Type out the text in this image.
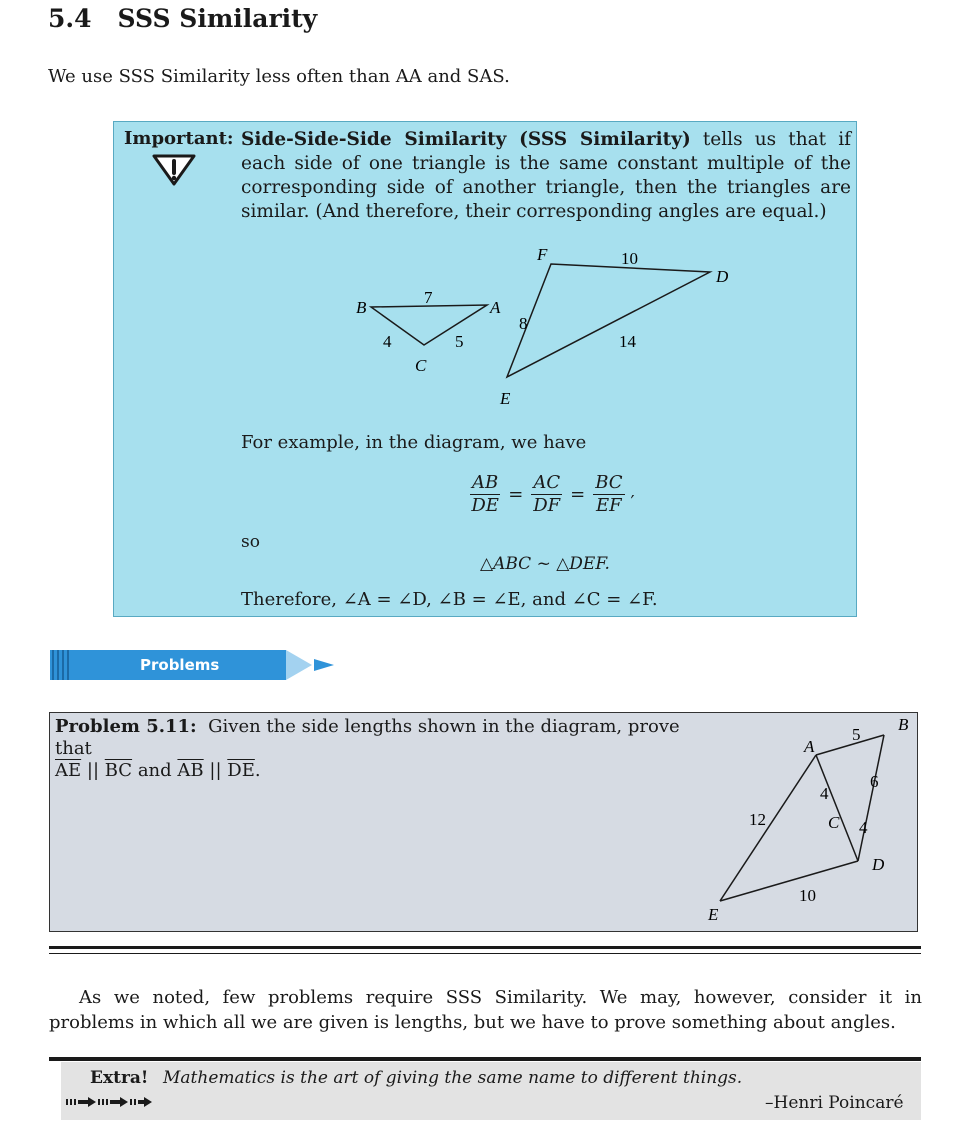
5.4 SSS Similarity
We use SSS Similarity less often than AA and SAS.
Important: Side-Side-Side Similarity (SSS Similarity) tells us that if each side of one triangle is the same constant multiple of the corresponding side of another triangle, then the triangles are similar. (And therefore, their corresponding angles are equal.)
B	A
C
7
4	5
F
D
E
10
8
14
For example, in the diagram, we have
$\frac{AB}{DE} = \frac{AC}{DF} = \frac{BC}{EF}$ ′
so
△ABC ~ △DEF.
Therefore, ∠A = ∠D, ∠B = ∠E, and ∠C = ∠F.
Problems
Problem 5.11: Given the side lengths shown in the diagram, prove that
$\overline{AE}$ || $\overline{BC}$ and $\overline{AB}$ || $\overline{DE}$.
A
B
C
D
E
5
6
4
4
12
10
As we noted, few problems require SSS Similarity. We may, however, consider it in problems in which all we are given is lengths, but we have to prove something about angles.
Extra! Mathematics is the art of giving the same name to different things.
–Henri Poincaré
